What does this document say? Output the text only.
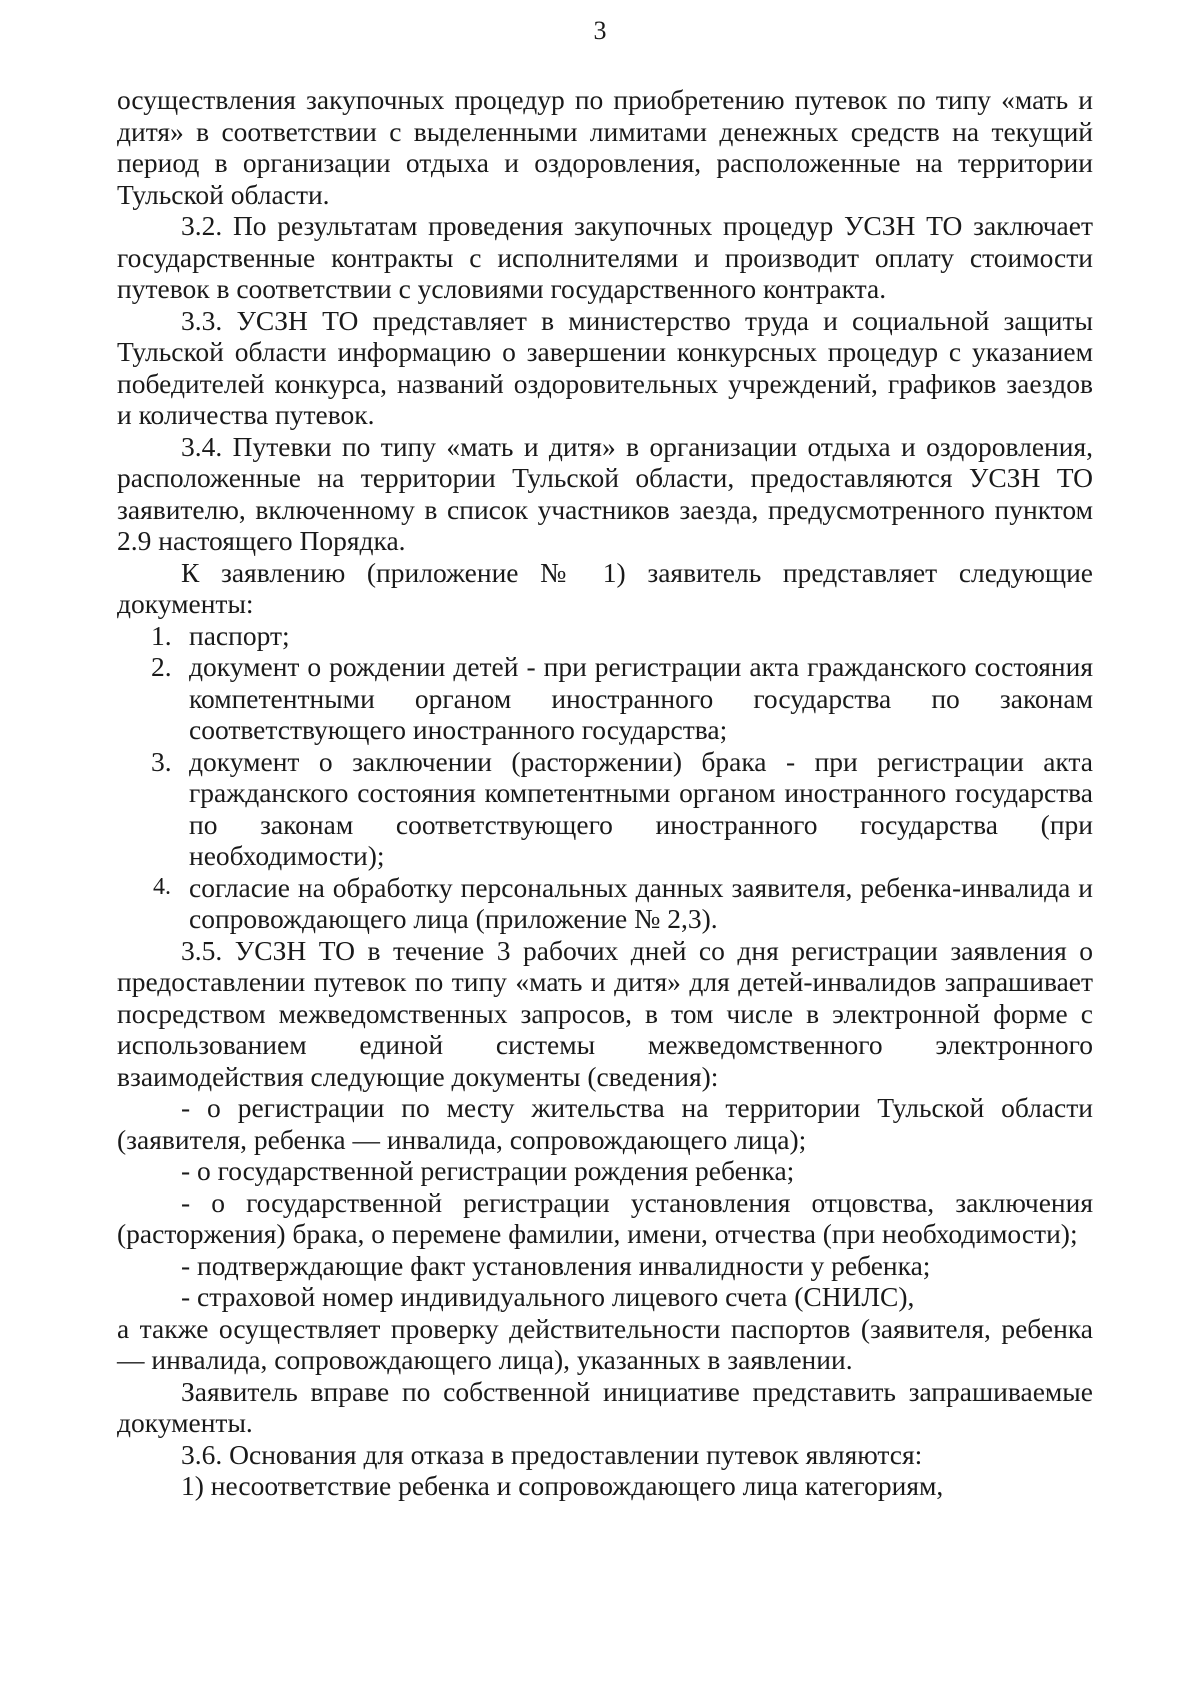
3

осуществления закупочных процедур по приобретению путевок по типу «мать и дитя» в соответствии с выделенными лимитами денежных средств на текущий период в организации отдыха и оздоровления, расположенные на территории Тульской области.

3.2. По результатам проведения закупочных процедур УСЗН ТО заключает государственные контракты с исполнителями и производит оплату стоимости путевок в соответствии с условиями государственного контракта.

3.3. УСЗН ТО представляет в министерство труда и социальной защиты Тульской области информацию о завершении конкурсных процедур с указанием победителей конкурса, названий оздоровительных учреждений, графиков заездов и количества путевок.

3.4. Путевки по типу «мать и дитя» в организации отдыха и оздоровления, расположенные на территории Тульской области, предоставляются УСЗН ТО заявителю, включенному в список участников заезда, предусмотренного пунктом 2.9 настоящего Порядка.

К заявлению (приложение № 1) заявитель представляет следующие документы:

1. паспорт;
2. документ о рождении детей - при регистрации акта гражданского состояния компетентными органом иностранного государства по законам соответствующего иностранного государства;
3. документ о заключении (расторжении) брака - при регистрации акта гражданского состояния компетентными органом иностранного государства по законам соответствующего иностранного государства (при необходимости);
4. согласие на обработку персональных данных заявителя, ребенка-инвалида и сопровождающего лица (приложение № 2,3).

3.5. УСЗН ТО в течение 3 рабочих дней со дня регистрации заявления о предоставлении путевок по типу «мать и дитя» для детей-инвалидов запрашивает посредством межведомственных запросов, в том числе в электронной форме с использованием единой системы межведомственного электронного взаимодействия следующие документы (сведения):

- о регистрации по месту жительства на территории Тульской области (заявителя, ребенка — инвалида, сопровождающего лица);

- о государственной регистрации рождения ребенка;

- о государственной регистрации установления отцовства, заключения (расторжения) брака, о перемене фамилии, имени, отчества (при необходимости);

- подтверждающие факт установления инвалидности у ребенка;

- страховой номер индивидуального лицевого счета (СНИЛС),

а также осуществляет проверку действительности паспортов (заявителя, ребенка — инвалида, сопровождающего лица), указанных в заявлении.

Заявитель вправе по собственной инициативе представить запрашиваемые документы.

3.6. Основания для отказа в предоставлении путевок являются:

1) несоответствие ребенка и сопровождающего лица категориям,
